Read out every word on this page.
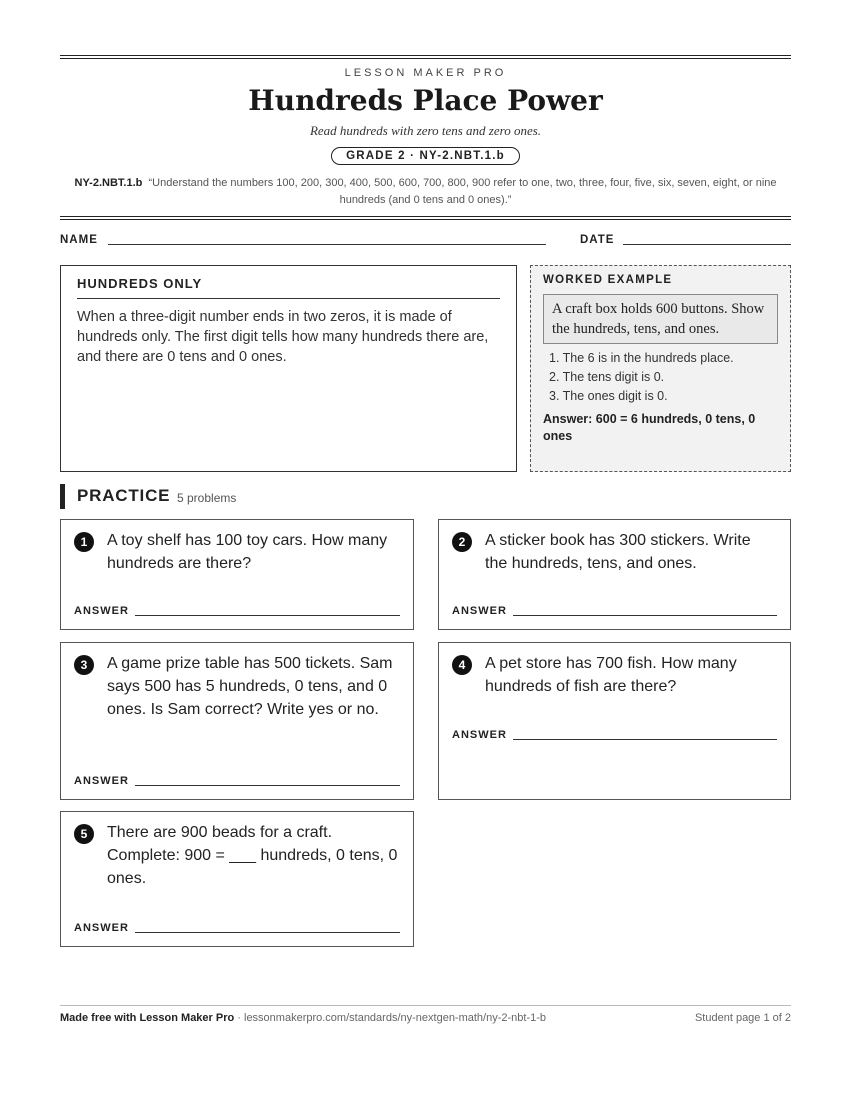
LESSON MAKER PRO
Hundreds Place Power
Read hundreds with zero tens and zero ones.
GRADE 2 · NY-2.NBT.1.b
NY-2.NBT.1.b “Understand the numbers 100, 200, 300, 400, 500, 600, 700, 800, 900 refer to one, two, three, four, five, six, seven, eight, or nine hundreds (and 0 tens and 0 ones).”
NAME	DATE
HUNDREDS ONLY
When a three-digit number ends in two zeros, it is made of hundreds only. The first digit tells how many hundreds there are, and there are 0 tens and 0 ones.
WORKED EXAMPLE
A craft box holds 600 buttons. Show the hundreds, tens, and ones.
1. The 6 is in the hundreds place.
2. The tens digit is 0.
3. The ones digit is 0.
Answer: 600 = 6 hundreds, 0 tens, 0 ones
PRACTICE 5 problems
1	A toy shelf has 100 toy cars. How many hundreds are there?
ANSWER
2	A sticker book has 300 stickers. Write the hundreds, tens, and ones.
ANSWER
3	A game prize table has 500 tickets. Sam says 500 has 5 hundreds, 0 tens, and 0 ones. Is Sam correct? Write yes or no.
ANSWER
4	A pet store has 700 fish. How many hundreds of fish are there?
ANSWER
5	There are 900 beads for a craft. Complete: 900 = ___ hundreds, 0 tens, 0 ones.
ANSWER
Made free with Lesson Maker Pro · lessonmakerpro.com/standards/ny-nextgen-math/ny-2-nbt-1-b	Student page 1 of 2
